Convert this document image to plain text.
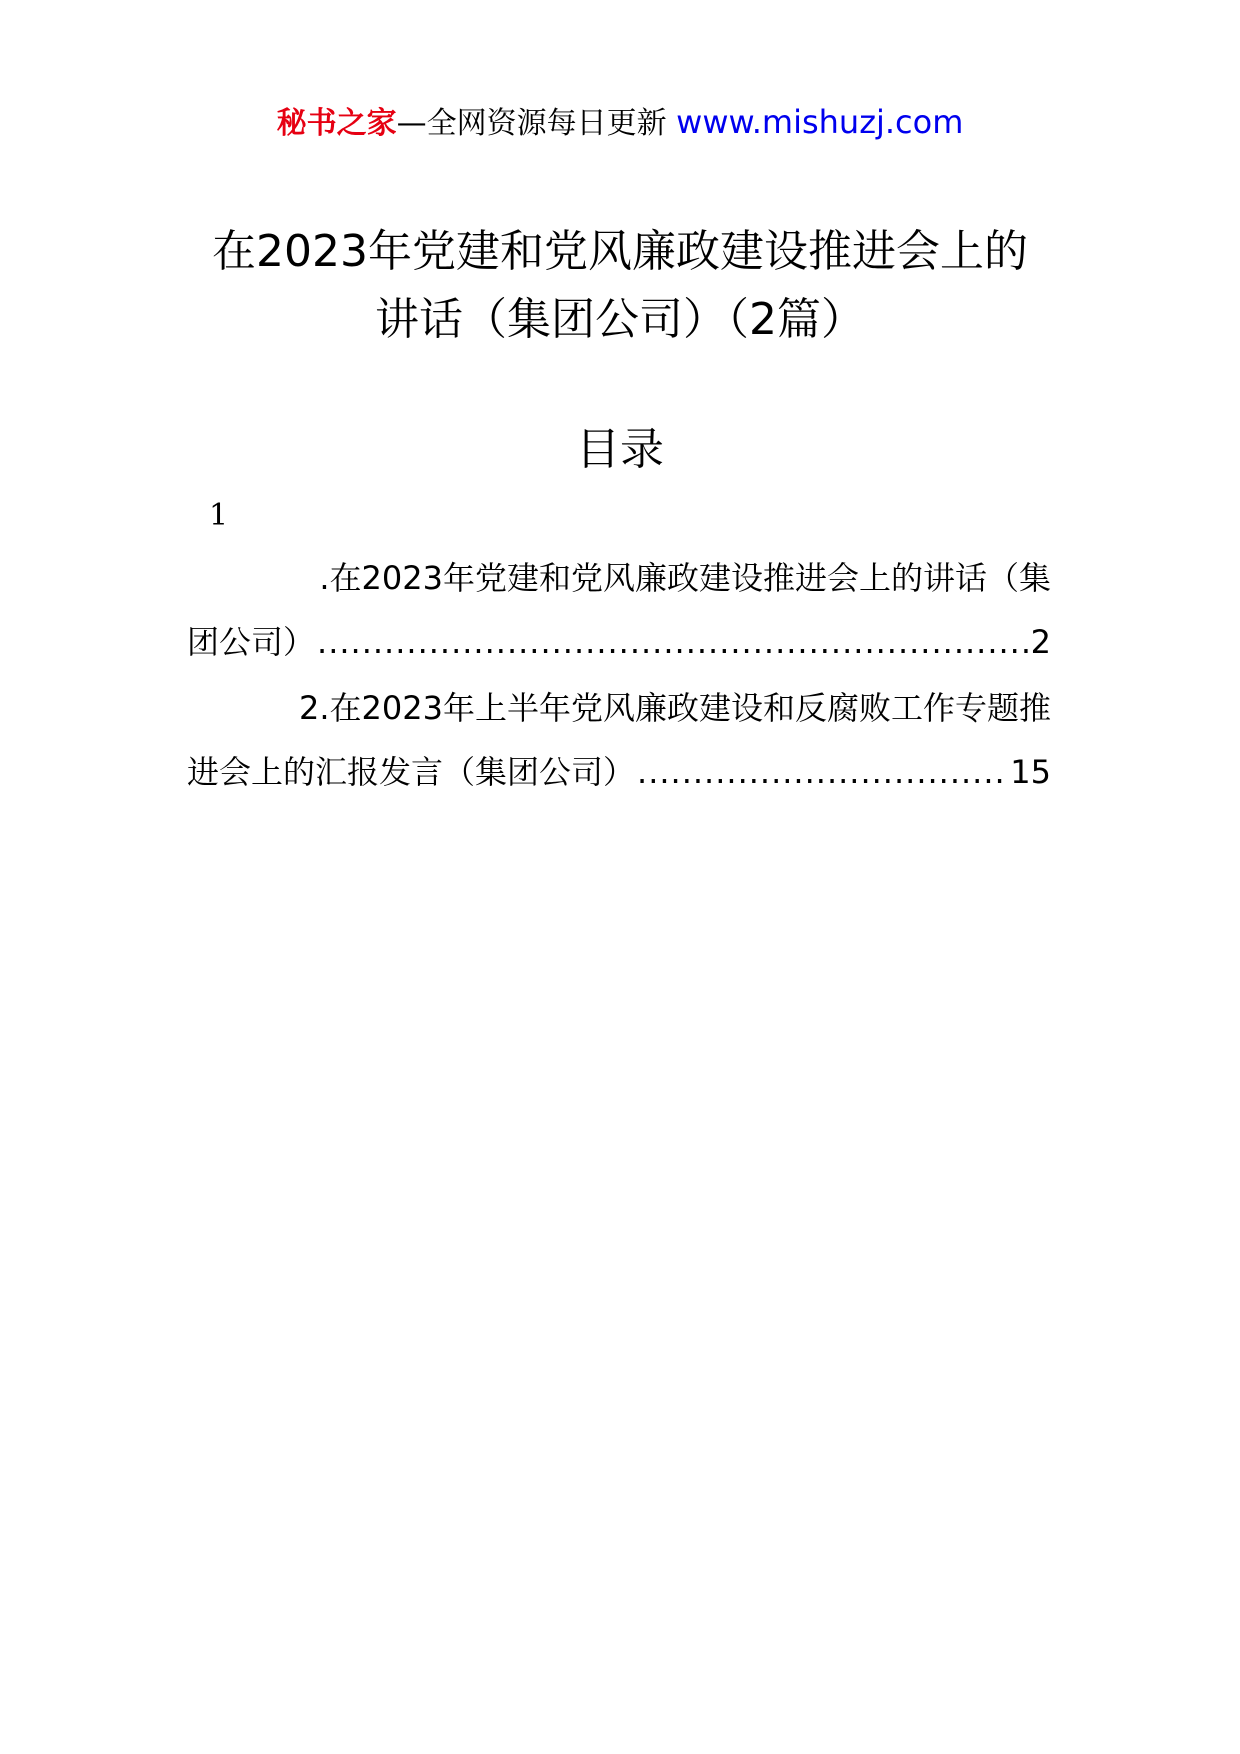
秘书之家—全网资源每日更新 www.mishuzj.com
在2023年党建和党风廉政建设推进会上的
讲话（集团公司）（2篇）
目录
1
.在2023年党建和党风廉政建设推进会上的讲话（集
团公司） .....	2
2.在2023年上半年党风廉政建设和反腐败工作专题推
进会上的汇报发言（集团公司） .....	15
